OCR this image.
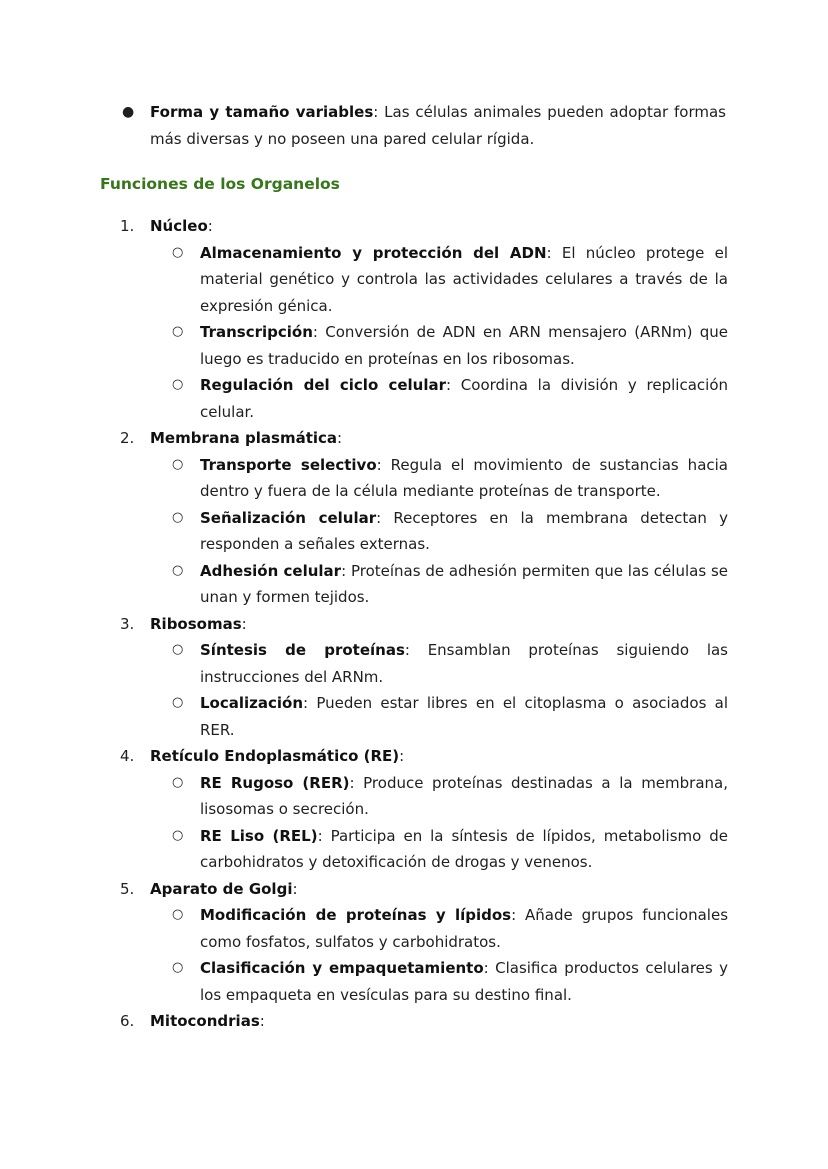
● Forma y tamaño variables: Las células animales pueden adoptar formas más diversas y no poseen una pared celular rígida.
Funciones de los Organelos
1.	Núcleo:
○ Almacenamiento y protección del ADN: El núcleo protege el material genético y controla las actividades celulares a través de la expresión génica.
○ Transcripción: Conversión de ADN en ARN mensajero (ARNm) que luego es traducido en proteínas en los ribosomas.
○ Regulación del ciclo celular: Coordina la división y replicación celular.
2.	Membrana plasmática:
○ Transporte selectivo: Regula el movimiento de sustancias hacia dentro y fuera de la célula mediante proteínas de transporte.
○ Señalización celular: Receptores en la membrana detectan y responden a señales externas.
○ Adhesión celular: Proteínas de adhesión permiten que las células se unan y formen tejidos.
3.	Ribosomas:
○ Síntesis de proteínas: Ensamblan proteínas siguiendo las instrucciones del ARNm.
○ Localización: Pueden estar libres en el citoplasma o asociados al RER.
4.	Retículo Endoplasmático (RE):
○ RE Rugoso (RER): Produce proteínas destinadas a la membrana, lisosomas o secreción.
○ RE Liso (REL): Participa en la síntesis de lípidos, metabolismo de carbohidratos y detoxificación de drogas y venenos.
5.	Aparato de Golgi:
○ Modificación de proteínas y lípidos: Añade grupos funcionales como fosfatos, sulfatos y carbohidratos.
○ Clasificación y empaquetamiento: Clasifica productos celulares y los empaqueta en vesículas para su destino final.
6.	Mitocondrias:
